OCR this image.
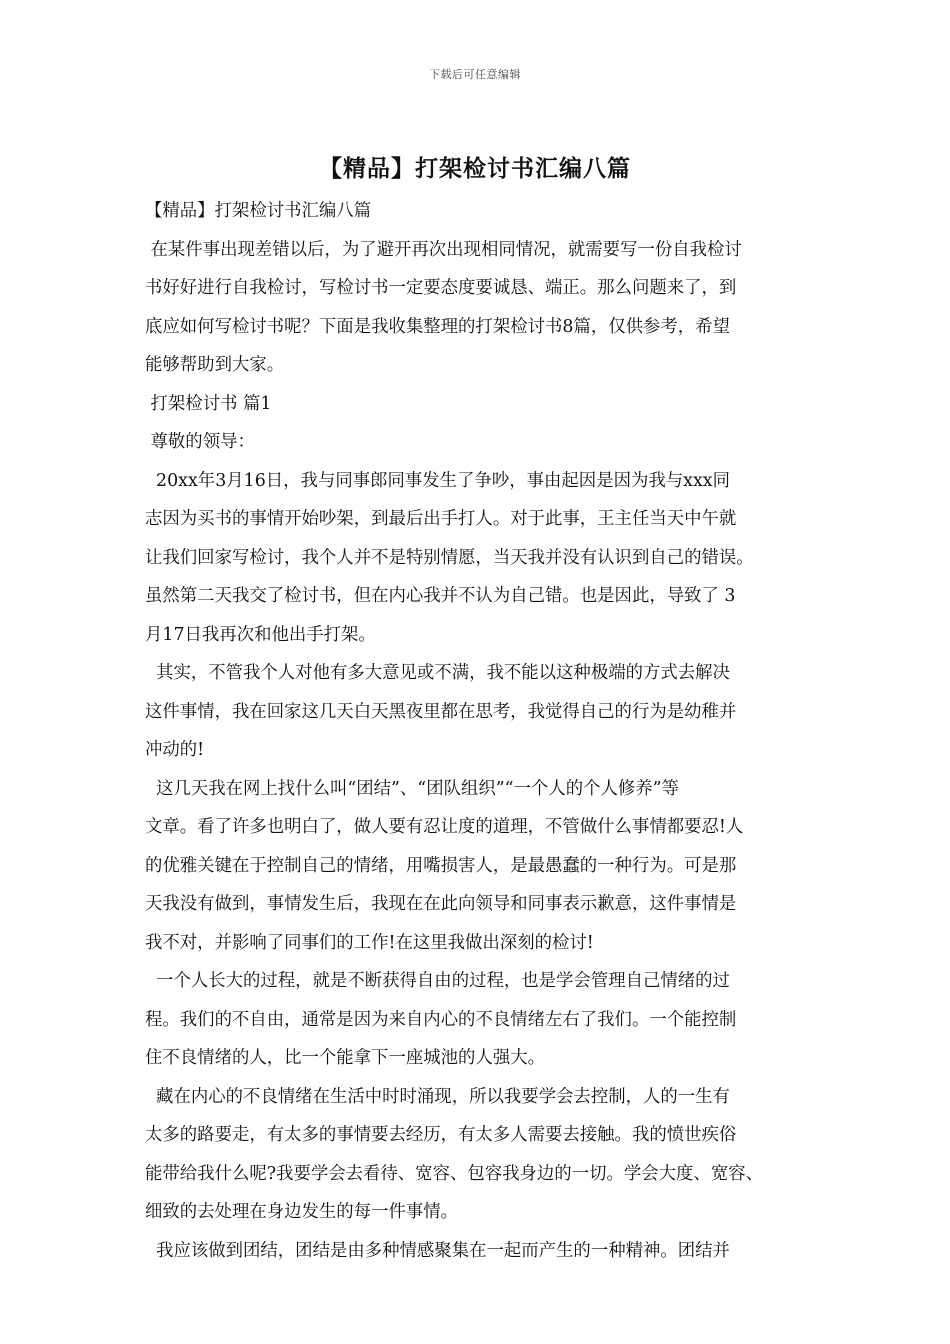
下载后可任意编辑
【精品】打架检讨书汇编八篇
【精品】打架检讨书汇编八篇
在某件事出现差错以后，为了避开再次出现相同情况，就需要写一份自我检讨
书好好进行自我检讨，写检讨书一定要态度要诚恳、端正。那么问题来了，到
底应如何写检讨书呢？下面是我收集整理的打架检讨书8篇，仅供参考，希望
能够帮助到大家。
打架检讨书 篇1
尊敬的领导：
20xx年3月16日，我与同事郎同事发生了争吵，事由起因是因为我与xxx同
志因为买书的事情开始吵架，到最后出手打人。对于此事，王主任当天中午就
让我们回家写检讨，我个人并不是特别情愿，当天我并没有认识到自己的错误。
虽然第二天我交了检讨书，但在内心我并不认为自己错。也是因此，导致了 3
月17日我再次和他出手打架。
其实，不管我个人对他有多大意见或不满，我不能以这种极端的方式去解决
这件事情，我在回家这几天白天黑夜里都在思考，我觉得自己的行为是幼稚并
冲动的!
这几天我在网上找什么叫“团结”、“团队组织”“一个人的个人修养”等
文章。看了许多也明白了，做人要有忍让度的道理，不管做什么事情都要忍!人
的优雅关键在于控制自己的情绪，用嘴损害人，是最愚蠢的一种行为。可是那
天我没有做到，事情发生后，我现在在此向领导和同事表示歉意，这件事情是
我不对，并影响了同事们的工作!在这里我做出深刻的检讨!
一个人长大的过程，就是不断获得自由的过程，也是学会管理自己情绪的过
程。我们的不自由，通常是因为来自内心的不良情绪左右了我们。一个能控制
住不良情绪的人，比一个能拿下一座城池的人强大。
藏在内心的不良情绪在生活中时时涌现，所以我要学会去控制，人的一生有
太多的路要走，有太多的事情要去经历，有太多人需要去接触。我的愤世疾俗
能带给我什么呢?我要学会去看待、宽容、包容我身边的一切。学会大度、宽容、
细致的去处理在身边发生的每一件事情。
我应该做到团结，团结是由多种情感聚集在一起而产生的一种精神。团结并
